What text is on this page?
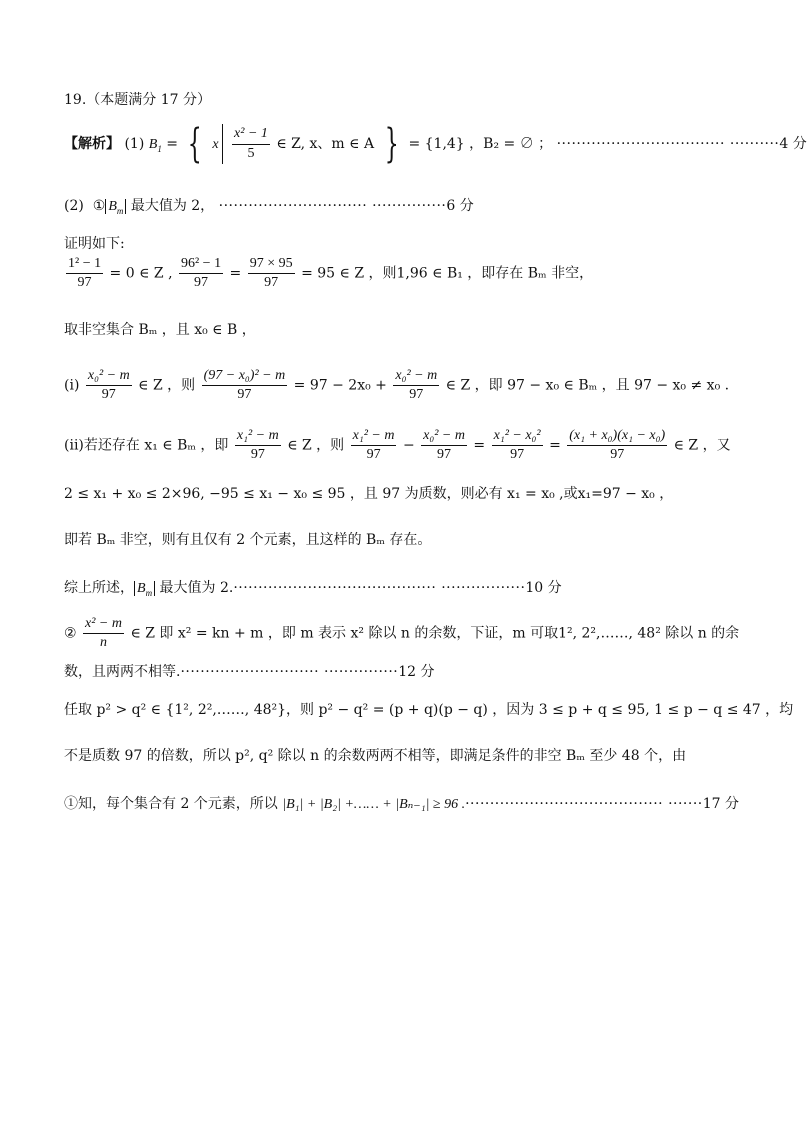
19.（本题满分 17 分）
【解析】 (1) $B_1$ = { x $\frac{\text{x² − 1}}{5}$ ∈ Z, x、m ∈ A } = {1,4} ，B₂ = ∅ ； ·································· ··········4 分
(2) ① $B_m$ 最大值为 2， ······························ ···············6 分
证明如下:
$\frac{\text{1² − 1}}{97} = 0$ ∈ Z , $\frac{\text{96² − 1}}{97} = \frac{97 \times 95}{97} = 95$ ∈ Z ，则1,96 ∈ B₁ ，即存在 Bₘ 非空，
取非空集合 Bₘ ，且 x₀ ∈ B ，
$(i) \frac{\text{x₀² − m}}{97}$ ∈ Z ，则 $\frac{\text{(97 − x₀)² − m}}{97} = 97 - 2x_0 + \frac{\text{x₀² − m}}{97}$ ∈ Z ，即 97 − x₀ ∈ Bₘ ，且 97 − x₀ ≠ x₀ .
(ii)若还存在 x₁ ∈ Bₘ ，即 $\frac{\text{x₁² − m}}{97}$ ∈ Z ，则 $\frac{\text{x₁² − m}}{97} - \frac{\text{x₀² − m}}{97} = \frac{\text{x₁² − x₀²}}{97} = \frac{\text{(x₁ + x₀)(x₁ − x₀)}}{97}$ ∈ Z ，又
2 ≤ x₁ + x₀ ≤ 2×96, −95 ≤ x₁ − x₀ ≤ 95 ，且 97 为质数，则必有 x₁ = x₀ ,或x₁=97 − x₀ ，
即若 Bₘ 非空，则有且仅有 2 个元素，且这样的 Bₘ 存在。
综上所述， $B_m$ 最大值为 2.········································· ·················10 分
② $\frac{\text{x² − m}}{n}$ ∈ Z 即 x² = kn + m ，即 m 表示 x² 除以 n 的余数，下证，m 可取1², 2²,……, 48² 除以 n 的余
数，且两两不相等.···························· ···············12 分
任取 p² > q² ∈ {1², 2²,……, 48²}，则 p² − q² = (p + q)(p − q) ，因为 3 ≤ p + q ≤ 95, 1 ≤ p − q ≤ 47 ，均
不是质数 97 的倍数，所以 p², q² 除以 n 的余数两两不相等，即满足条件的非空 Bₘ 至少 48 个，由
①知，每个集合有 2 个元素，所以 |B₁| + |B₂| +…… + |Bₙ₋₁| ≥ 96 .········································ ·······17 分
